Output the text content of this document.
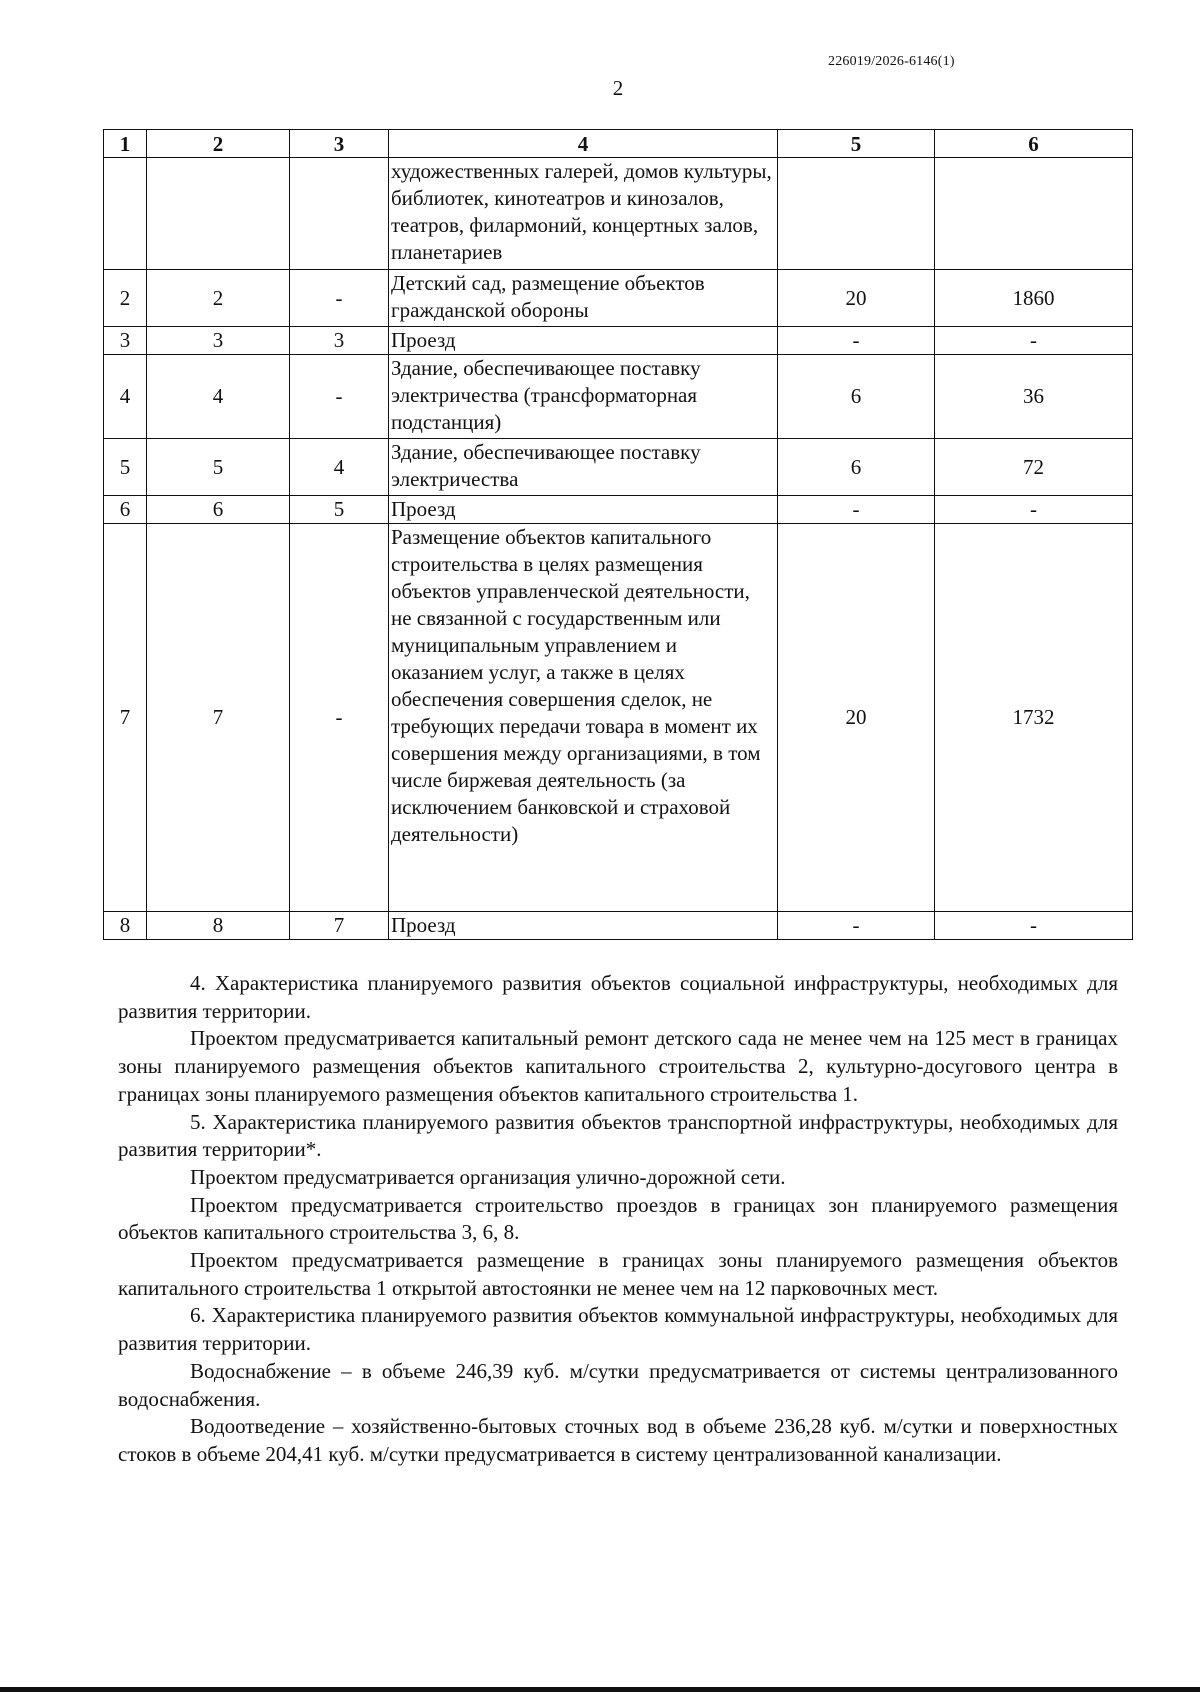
226019/2026-6146(1)
2
1	2	3	4	5	6
			художественных галерей, домов культуры, библиотек, кинотеатров и кинозалов, театров, филармоний, концертных залов, планетариев		
2	2	-	Детский сад, размещение объектов гражданской обороны	20	1860
3	3	3	Проезд	-	-
4	4	-	Здание, обеспечивающее поставку электричества (трансформаторная подстанция)	6	36
5	5	4	Здание, обеспечивающее поставку электричества	6	72
6	6	5	Проезд	-	-
7	7	-	Размещение объектов капитального строительства в целях размещения объектов управленческой деятельности, не связанной с государственным или муниципальным управлением и оказанием услуг, а также в целях обеспечения совершения сделок, не требующих передачи товара в момент их совершения между организациями, в том числе биржевая деятельность (за исключением банковской и страховой деятельности)	20	1732
8	8	7	Проезд	-	-

4. Характеристика планируемого развития объектов социальной инфраструктуры, необходимых для развития территории.

Проектом предусматривается капитальный ремонт детского сада не менее чем на 125 мест в границах зоны планируемого размещения объектов капитального строительства 2, культурно-досугового центра в границах зоны планируемого размещения объектов капитального строительства 1.

5. Характеристика планируемого развития объектов транспортной инфраструктуры, необходимых для развития территории*.

Проектом предусматривается организация улично-дорожной сети.

Проектом предусматривается строительство проездов в границах зон планируемого размещения объектов капитального строительства 3, 6, 8.

Проектом предусматривается размещение в границах зоны планируемого размещения объектов капитального строительства 1 открытой автостоянки не менее чем на 12 парковочных мест.

6. Характеристика планируемого развития объектов коммунальной инфраструктуры, необходимых для развития территории.

Водоснабжение – в объеме 246,39 куб. м/сутки предусматривается от системы централизованного водоснабжения.

Водоотведение – хозяйственно-бытовых сточных вод в объеме 236,28 куб. м/сутки и поверхностных стоков в объеме 204,41 куб. м/сутки предусматривается в систему централизованной канализации.
